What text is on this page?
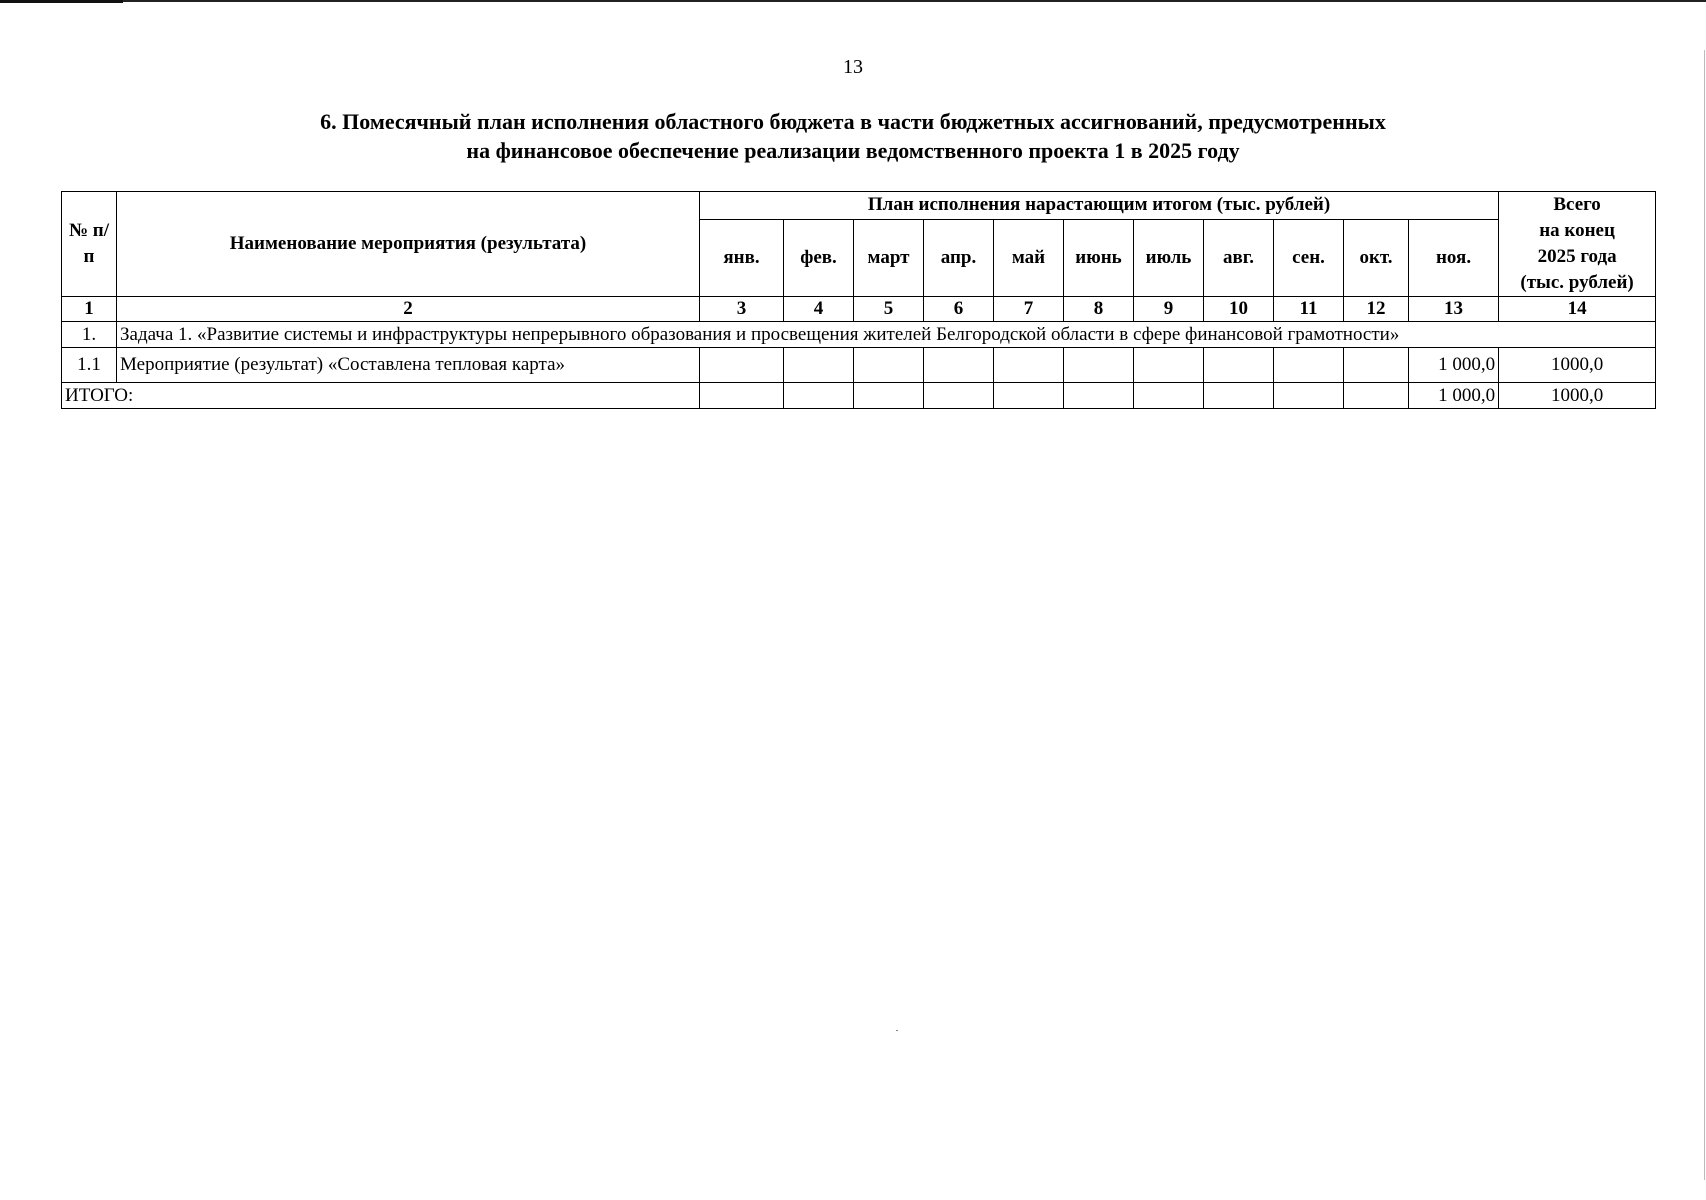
13
6. Помесячный план исполнения областного бюджета в части бюджетных ассигнований, предусмотренных
на финансовое обеспечение реализации ведомственного проекта 1 в 2025 году
№ п/п	Наименование мероприятия (результата)	План исполнения нарастающим итогом (тыс. рублей)											Всего
на конец
2025 года
(тыс. рублей)

		янв.	фев.	март	апр.	май	июнь	июль	авг.	сен.	окт.	ноя.	
1	2	3	4	5	6	7	8	9	10	11	12	13	14
1.	Задача 1. «Развитие системы и инфраструктуры непрерывного образования и просвещения жителей Белгородской области в сфере финансовой грамотности»												
1.1	Мероприятие (результат) «Составлена тепловая карта»											1 000,0	1000,0
ИТОГО:												1 000,0	1000,0
